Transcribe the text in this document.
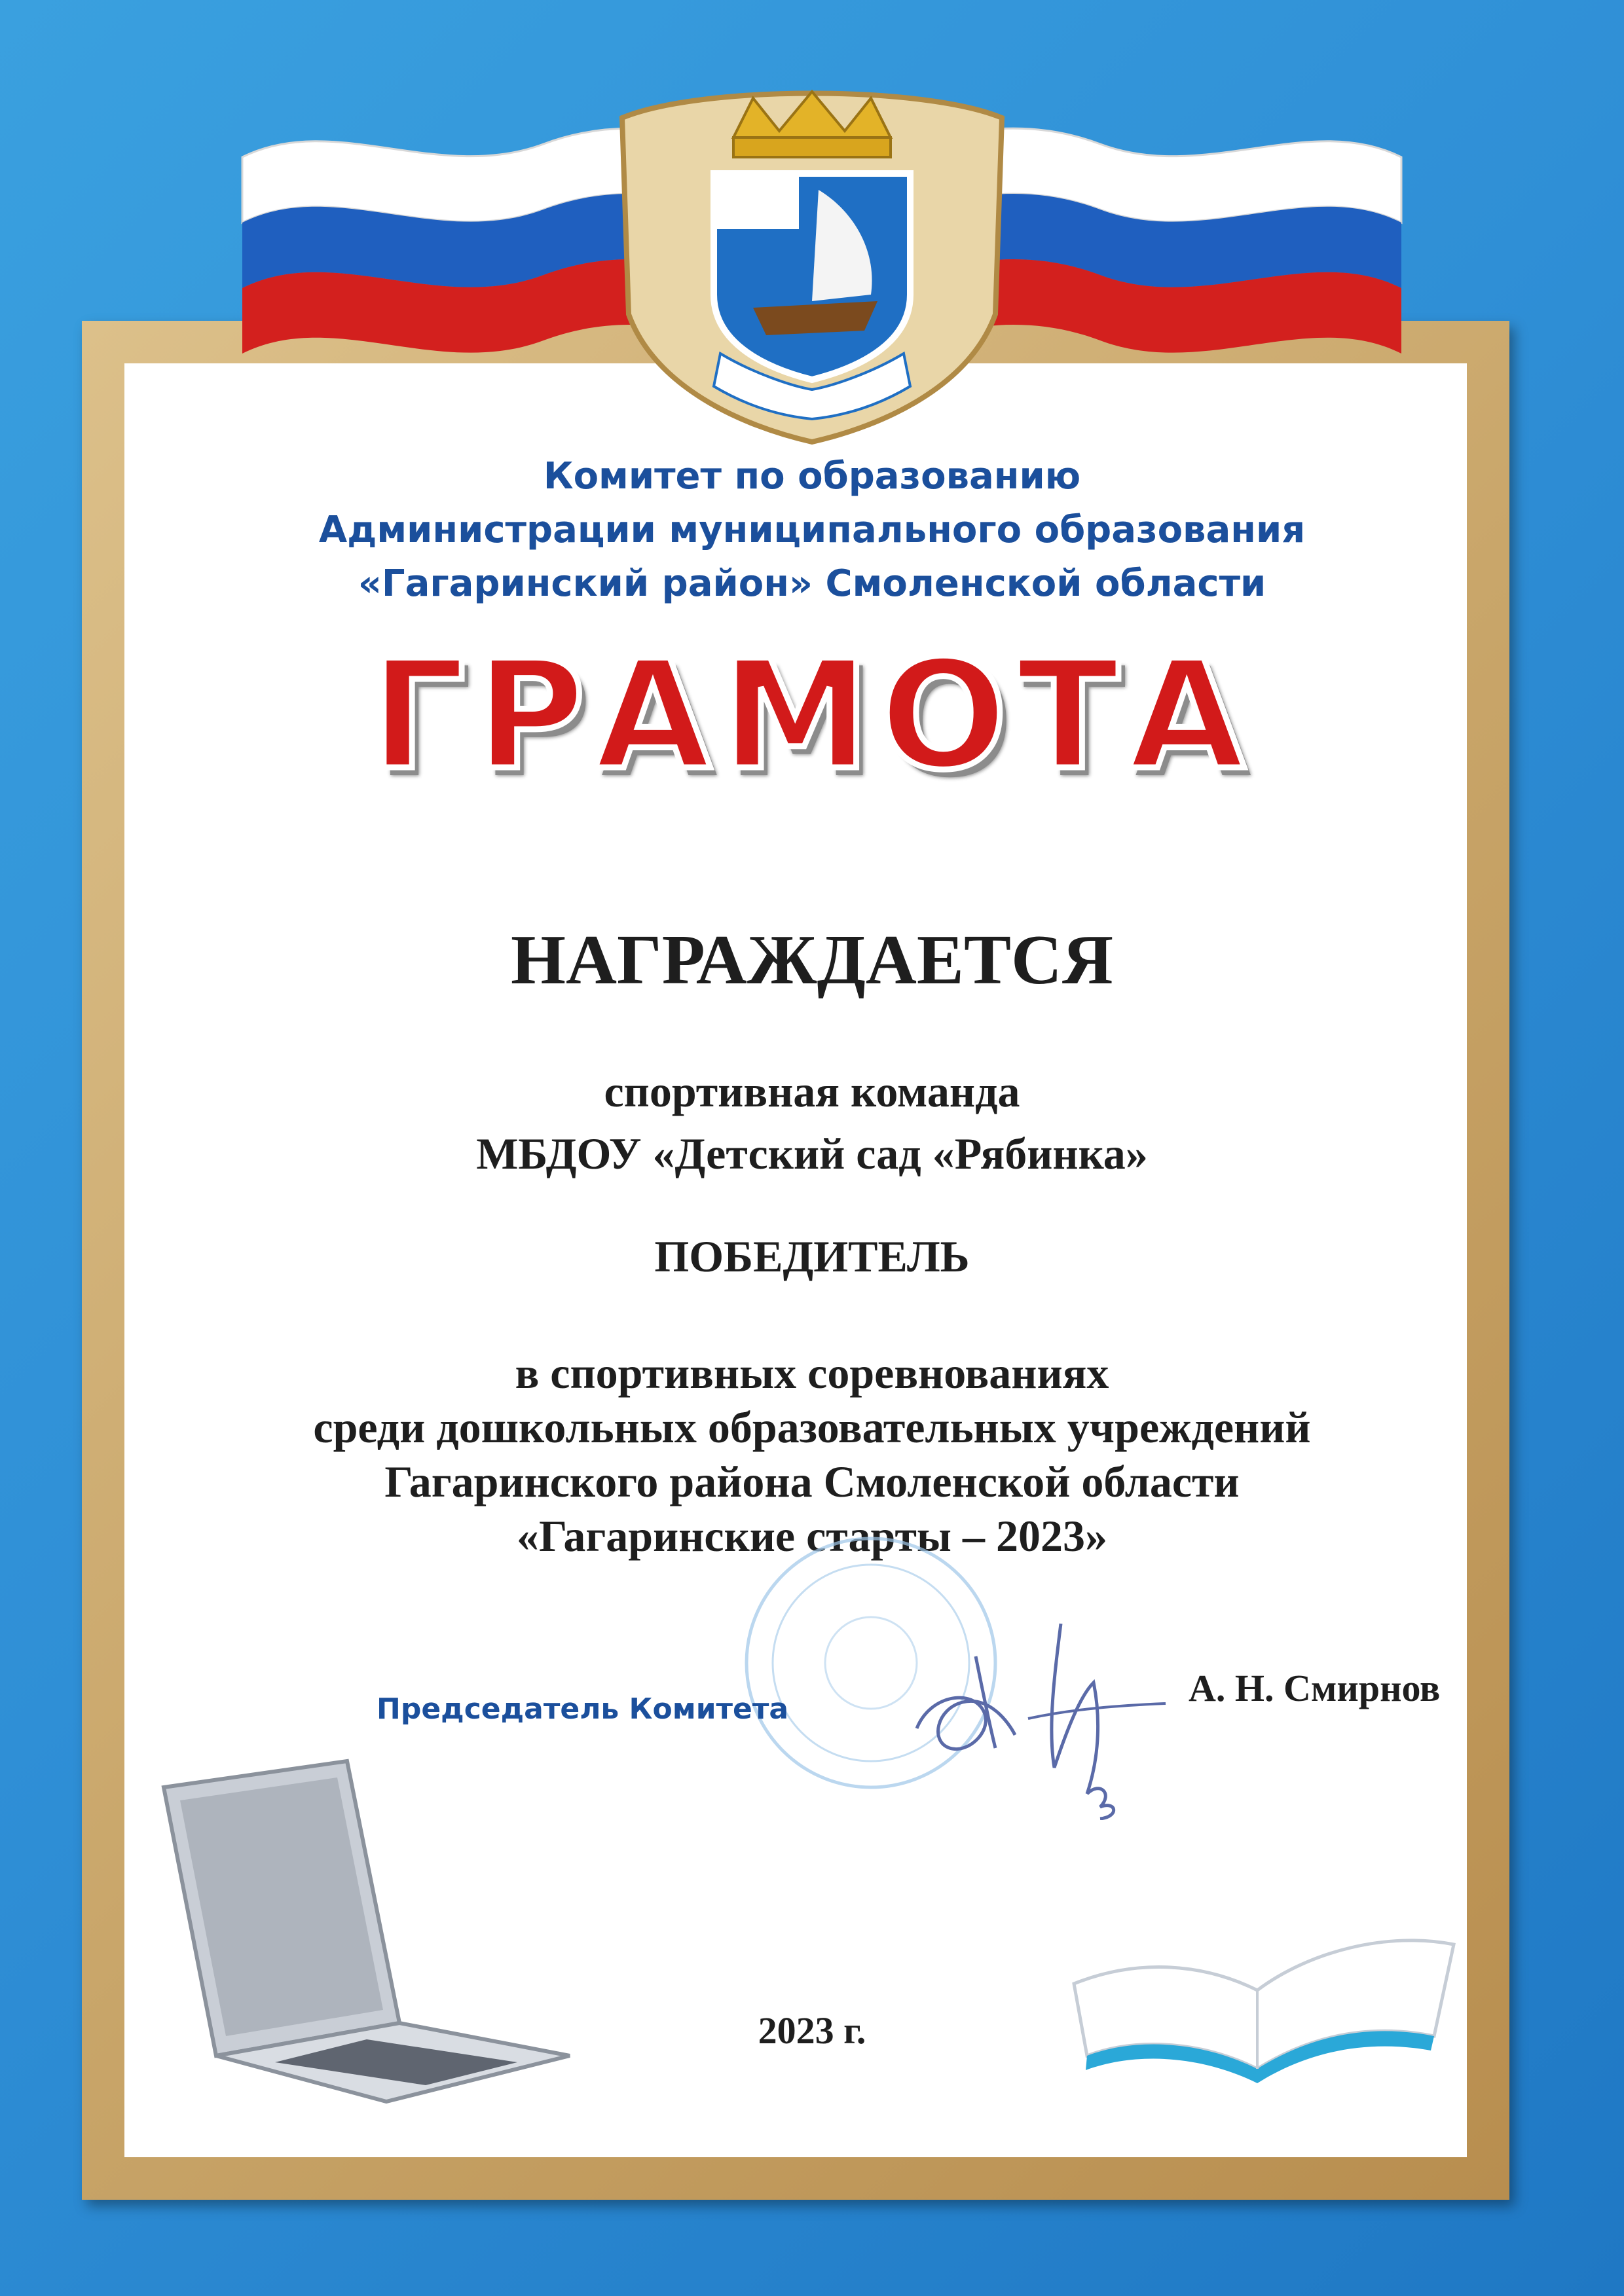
Комитет по образованию
Администрации муниципального образования
«Гагаринский район» Смоленской области
ГРАМОТА
НАГРАЖДАЕТСЯ
спортивная команда
МБДОУ «Детский сад «Рябинка»
ПОБЕДИТЕЛЬ
в спортивных соревнованиях
среди дошкольных образовательных учреждений
Гагаринского района Смоленской области
«Гагаринские старты – 2023»
Председатель Комитета	А. Н. Смирнов
2023 г.
